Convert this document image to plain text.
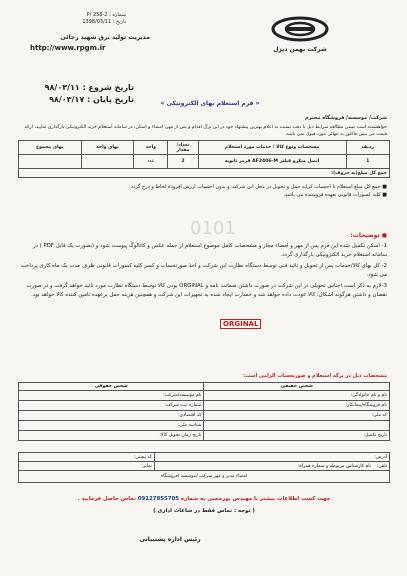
شماره : P/ 258-2
تاریخ : 1398/03/11
مدیریت تولید برق شهید رجائی
http://www.rpgm.ir	شرکت بهمن دیزل
تاریخ شروع : ۹۸/۰۳/۱۱
تاریخ پایان : ۹۸/۰۳/۱۷	« فرم استعلام بهای الکترونیکی »
شرکت/ موسسه/ فروشگاه محترم
خواهشمند است ضمن مطالعه شرایط ذیل با دقت نسبت به اعلام بهترین پیشنهاد خود در این برگ اقدام و پس از مهر، امضاء و اسکن، در سامانه استعلام خرید الکترونیکی بارگذاری نمایید، ارائه قیمت می بیش فاکتور به تنهائی مورد قبول نمی باشد.
ردیف	مشخصات ونوع کالا / خدمات مورد استعلام	تعداد/ مقدار	واحد	بهای واحد	بهای مجموع
1	اتصل میکرو فیلتر AF2406-M قرمز ثانویه	2	عدد		
جمع کل مبلغ(به حروف):					
■ جمع کل مبلغ استعلام با احتساب کرایه حمل و تحویل در محل این شرکت و بدون احتساب ارزش افزوده لحاظ و درج گردد.
■ کلیه کسورات قانونی بعهده فروشنده می باشد.
0101	● توضیحات:
1- اسکن تکمیل شده این فرم پس از مهر و امضاء مجاز و مشخصات کامل موضوع استعلام از جمله عکس و کاتالوگ پیوست شود و (بصورت یک فایل PDF ) در سامانه استعلام خرید الکترونیکی بارگذاری گردد.
2- کل بهای کالا/خدمات پس از تحویل و تائید فنی توسط دستگاه نظارت این شرکت و اخذ صورتحساب و کسر کلیه کسورات قانونی ظرف مدت یک ماه کاری پرداخت می شود.
3-لازم به ذکر است اجناس تحویلی در این شرکت در صورت داشتن ضمانت نامه و ORGINAL بودن کالا توسط دستگاه نظارت مورد تائید خواهد گرفت و در صورت نقصان و داشتن هرگونه اشکال، کالا عودت داده خواهد شد و خسارت ایجاد شده به تجهیزات این شرکت و همچنین هزینه حمل برعهده تامین کننده کالا خواهد بود.
ORGINAL
مشخصات ذیل در برگه استعلام و صورتحساب الزامی است:
شخص حقیقی	شخص حقوقی
نام و نام خانوادگی:	نام موسسه/شرکت:
نام فروشگاه/پیمانکار:	شماره ثبت شرکت:
کد ملی:	کد اقتصادی:
	شناسه ملی:
تاریخ تکمیل:	تاریخ زمان تحویل کالا:
آدرس:	کد پستی:
تلفن:    نام کارشناس مربوطه و شماره همراه:	نمابر:
امضاء مدیر و مهر شرکت /موسسه /فروشگاه	
جهت کسب اطلاعات بیشتر با مهندس پورمحبی به شماره 09127855705 تماس حاصل فرمایید .
( توجه : تماس فقط در ساعات اداری )
رئیس اداره پشتیبانی
